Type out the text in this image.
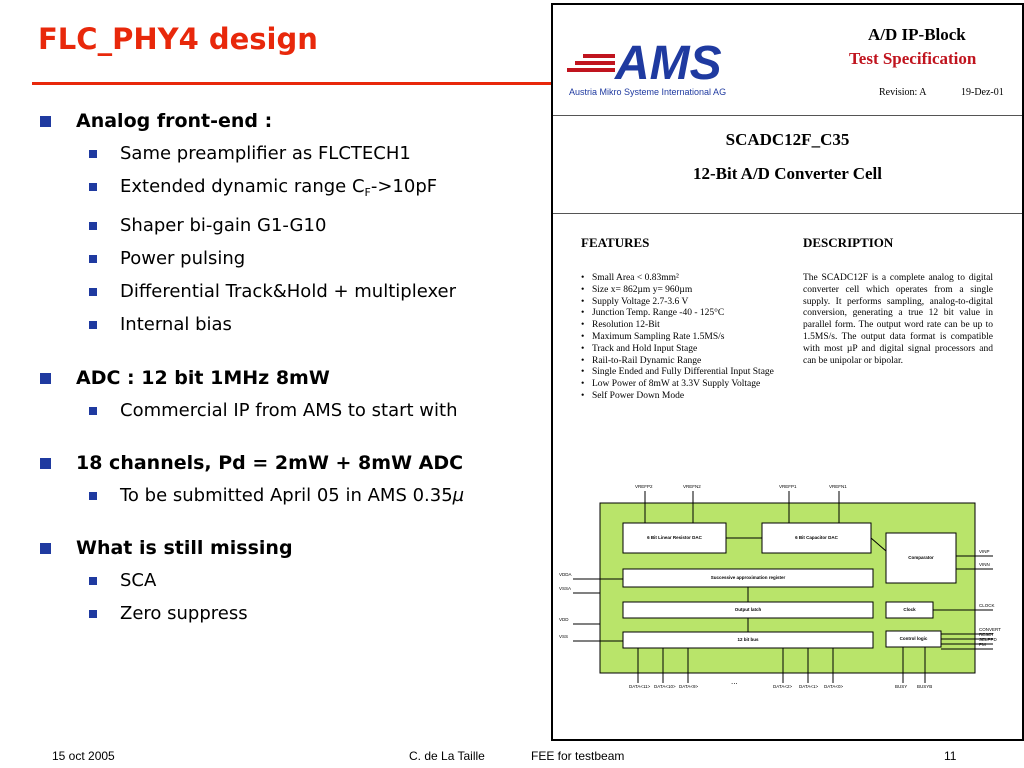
FLC_PHY4 design
Analog front-end :
Same preamplifier as FLCTECH1
Extended dynamic range $C_F->10pF$
Shaper bi-gain G1-G10
Power pulsing
Differential Track&Hold + multiplexer
Internal bias
ADC : 12 bit 1MHz 8mW
Commercial IP from AMS to start with
18 channels, Pd = 2mW + 8mW ADC
To be submitted April 05 in AMS 0.35µ
What is still missing
SCA
Zero suppress
AMS
Austria Mikro Systeme International AG
A/D IP-Block
Test Specification
Revision: A	19-Dez-01
SCADC12F_C35
12-Bit A/D Converter Cell
FEATURES	DESCRIPTION
• Small Area < 0.83mm²
• Size x= 862µm y= 960µm
• Supply Voltage 2.7-3.6 V
• Junction Temp. Range -40 - 125°C
• Resolution 12-Bit
• Maximum Sampling Rate 1.5MS/s
• Track and Hold Input Stage
• Rail-to-Rail Dynamic Range
• Single Ended and Fully Differential Input Stage
• Low Power of 8mW at 3.3V Supply Voltage
• Self Power Down Mode
The SCADC12F is a complete analog to digital converter cell which operates from a single supply. It performs sampling, analog-to-digital conversion, generating a true 12 bit value in parallel form. The output word rate can be up to 1.5MS/s. The output data format is compatible with most µP and digital signal processors and can be unipolar or bipolar.
6 Bit Linear Resistor DAC	6 Bit Capacitor DAC
Comparator
Successive approximation register
Output latch	Clock
12 bit bus	Control logic
VREFP2	VREFN2	VREFP1	VREFN1
VDDA
VSSA
VDD
VSS
VINP
VINN
CLOCK
CONVERT
RESET
SELPPD
PM
DATA<11> DATA<10> DATA<9>
...
DATA<2> DATA<1> DATA<0>	BUSY BUSYB
15 oct 2005	C. de La Taille	FEE for testbeam	11
